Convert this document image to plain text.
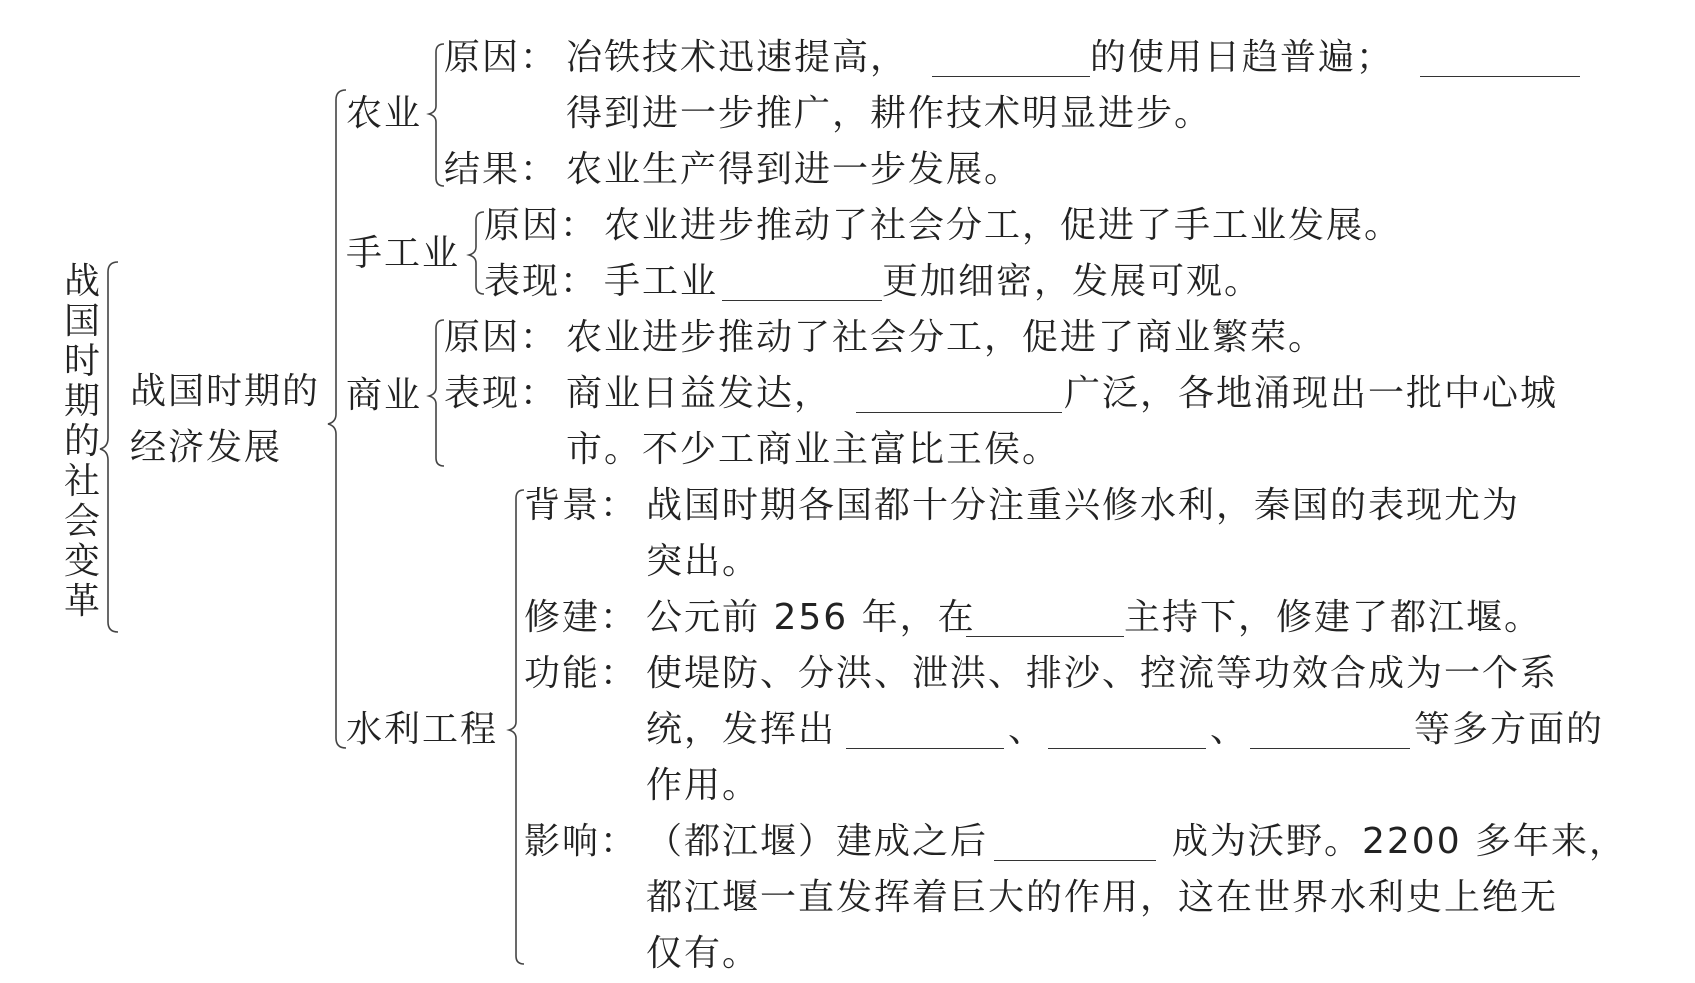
战国时期的社会变革
战国时期的
经济发展
农业
原因： 冶铁技术迅速提高，	的使用日趋普遍；
得到进一步推广，耕作技术明显进步。
结果： 农业生产得到进一步发展。
手工业
原因： 农业进步推动了社会分工，促进了手工业发展。
表现： 手工业	更加细密，发展可观。
商业
原因： 农业进步推动了社会分工，促进了商业繁荣。
表现： 商业日益发达，	广泛，各地涌现出一批中心城
市。不少工商业主富比王侯。
水利工程
背景： 战国时期各国都十分注重兴修水利，秦国的表现尤为
突出。
修建： 公元前 256 年，在	主持下，修建了都江堰。
功能： 使堤防、分洪、泄洪、排沙、控流等功效合成为一个系
统，发挥出	、	、	等多方面的
作用。
影响： （都江堰）建成之后	成为沃野。2200 多年来，
都江堰一直发挥着巨大的作用，这在世界水利史上绝无
仅有。
